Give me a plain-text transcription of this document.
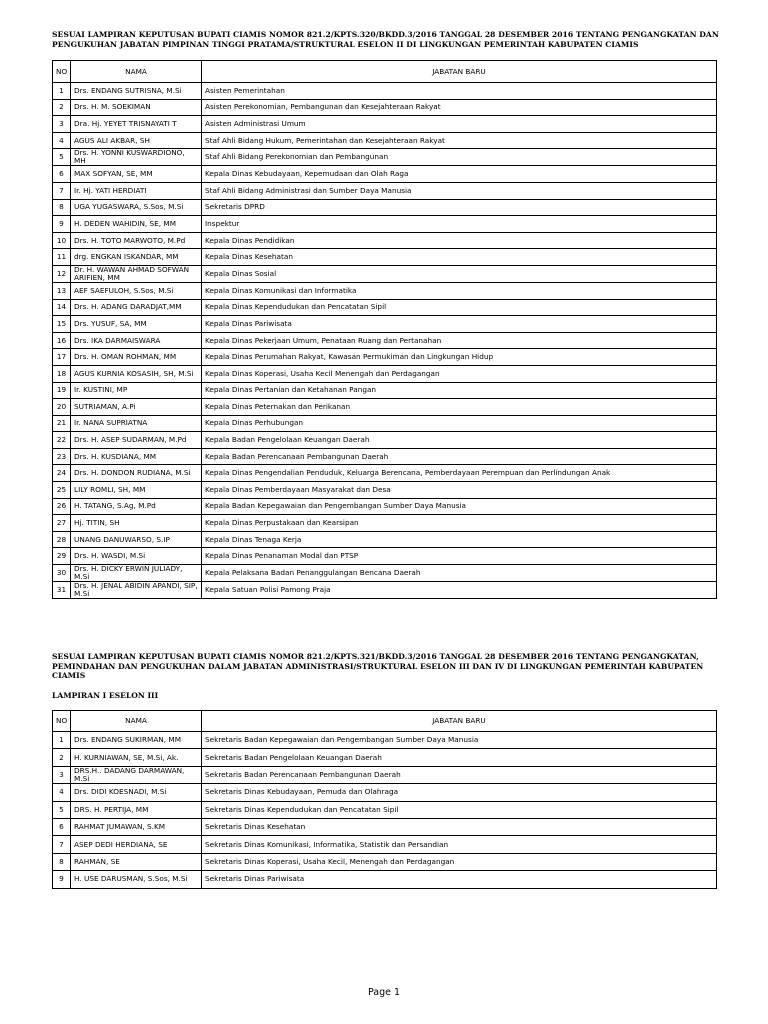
SESUAI LAMPIRAN KEPUTUSAN BUPATI CIAMIS NOMOR 821.2/KPTS.320/BKDD.3/2016 TANGGAL 28 DESEMBER 2016 TENTANG PENGANGKATAN DAN PENGUKUHAN JABATAN PIMPINAN TINGGI PRATAMA/STRUKTURAL ESELON II DI LINGKUNGAN PEMERINTAH KABUPATEN CIAMIS
NO	NAMA	JABATAN BARU
1	Drs. ENDANG SUTRISNA, M.Si	Asisten Pemerintahan
2	Drs. H. M. SOEKIMAN	Asisten Perekonomian, Pembangunan dan Kesejahteraan Rakyat
3	Dra. Hj. YEYET TRISNAYATI T	Asisten Administrasi Umum
4	AGUS ALI AKBAR, SH	Staf Ahli Bidang Hukum, Pemerintahan dan Kesejahteraan Rakyat
5	Drs. H. YONNI KUSWARDIONO, MH	Staf Ahli Bidang Perekonomian dan Pembangunan
6	MAX SOFYAN, SE, MM	Kepala Dinas Kebudayaan, Kepemudaan dan Olah Raga
7	Ir. Hj. YATI HERDIATI	Staf Ahli Bidang Administrasi dan Sumber Daya Manusia
8	UGA YUGASWARA, S.Sos, M.Si	Sekretaris DPRD
9	H. DEDEN WAHIDIN, SE, MM	Inspektur
10	Drs. H. TOTO MARWOTO, M.Pd	Kepala Dinas Pendidikan
11	drg. ENGKAN ISKANDAR, MM	Kepala Dinas Kesehatan
12	Dr. H. WAWAN AHMAD SOFWAN ARIFIEN, MM	Kepala Dinas Sosial
13	AEF SAEFULOH, S.Sos, M.Si	Kepala Dinas Komunikasi dan Informatika
14	Drs. H. ADANG DARADJAT,MM	Kepala Dinas Kependudukan dan Pencatatan Sipil
15	Drs. YUSUF, SA, MM	Kepala Dinas Pariwisata
16	Drs. IKA DARMAISWARA	Kepala Dinas Pekerjaan Umum, Penataan Ruang dan Pertanahan
17	Drs. H. OMAN ROHMAN, MM	Kepala Dinas Perumahan Rakyat, Kawasan Permukiman dan Lingkungan Hidup
18	AGUS KURNIA KOSASIH, SH, M.Si	Kepala Dinas Koperasi, Usaha Kecil Menengah dan Perdagangan
19	Ir. KUSTINI, MP	Kepala Dinas Pertanian dan Ketahanan Pangan
20	SUTRIAMAN, A.Pi	Kepala Dinas Peternakan dan Perikanan
21	Ir. NANA SUPRIATNA	Kepala Dinas Perhubungan
22	Drs. H. ASEP SUDARMAN, M.Pd	Kepala Badan Pengelolaan Keuangan Daerah
23	Drs. H. KUSDIANA, MM	Kepala Badan Perencanaan Pembangunan Daerah
24	Drs. H. DONDON RUDIANA, M.Si	Kepala Dinas Pengendalian Penduduk, Keluarga Berencana, Pemberdayaan Perempuan dan Perlindungan Anak
25	LILY ROMLI, SH, MM	Kepala Dinas Pemberdayaan Masyarakat dan Desa
26	H. TATANG, S.Ag, M.Pd	Kepala Badan Kepegawaian dan Pengembangan Sumber Daya Manusia
27	Hj. TITIN, SH	Kepala Dinas Perpustakaan dan Kearsipan
28	UNANG DANUWARSO, S.IP	Kepala Dinas Tenaga Kerja
29	Drs. H. WASDI, M.Si	Kepala Dinas Penanaman Modal dan PTSP
30	Drs. H. DICKY ERWIN JULIADY, M.Si	Kepala Pelaksana Badan Penanggulangan Bencana Daerah
31	Drs. H. JENAL ABIDIN APANDI, SIP, M.Si	Kepala Satuan Polisi Pamong Praja
SESUAI LAMPIRAN KEPUTUSAN BUPATI CIAMIS NOMOR 821.2/KPTS.321/BKDD.3/2016 TANGGAL 28 DESEMBER 2016 TENTANG PENGANGKATAN, PEMINDAHAN DAN PENGUKUHAN DALAM JABATAN ADMINISTRASI/STRUKTURAL ESELON III DAN IV DI LINGKUNGAN PEMERINTAH KABUPATEN CIAMIS
LAMPIRAN I ESELON III
NO	NAMA	JABATAN BARU
1	Drs. ENDANG SUKIRMAN, MM	Sekretaris Badan Kepegawaian dan Pengembangan Sumber Daya Manusia
2	H. KURNIAWAN, SE, M.Si, Ak.	Sekretaris Badan Pengelolaan Keuangan Daerah
3	DRS.H.. DADANG DARMAWAN, M.Si	Sekretaris Badan Perencanaan Pembangunan Daerah
4	Drs. DIDI KOESNADI, M.Si	Sekretaris Dinas Kebudayaan, Pemuda dan Olahraga
5	DRS. H. PERTIJA, MM	Sekretaris Dinas Kependudukan dan Pencatatan Sipil
6	RAHMAT JUMAWAN, S.KM	Sekretaris Dinas Kesehatan
7	ASEP DEDI HERDIANA, SE	Sekretaris Dinas Komunikasi, Informatika, Statistik dan Persandian
8	RAHMAN, SE	Sekretaris Dinas Koperasi, Usaha Kecil, Menengah dan Perdagangan
9	H. USE DARUSMAN, S.Sos, M.Si	Sekretaris Dinas Pariwisata
Page 1
